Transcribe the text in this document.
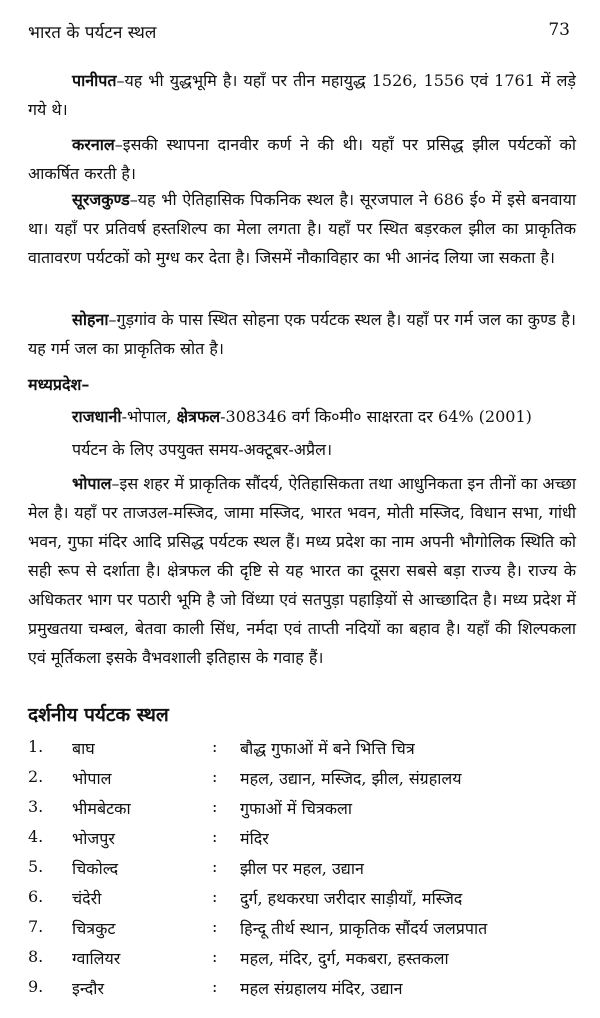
भारत के पर्यटन स्थल	73

पानीपत–यह भी युद्धभूमि है। यहाँ पर तीन महायुद्ध 1526, 1556 एवं 1761 में लड़े गये थे।

करनाल–इसकी स्थापना दानवीर कर्ण ने की थी। यहाँ पर प्रसिद्ध झील पर्यटकों को आकर्षित करती है।

सूरजकुण्ड–यह भी ऐतिहासिक पिकनिक स्थल है। सूरजपाल ने 686 ई० में इसे बनवाया था। यहाँ पर प्रतिवर्ष हस्तशिल्प का मेला लगता है। यहाँ पर स्थित बड़रकल झील का प्राकृतिक वातावरण पर्यटकों को मुग्ध कर देता है। जिसमें नौकाविहार का भी आनंद लिया जा सकता है।

सोहना–गुड़गांव के पास स्थित सोहना एक पर्यटक स्थल है। यहाँ पर गर्म जल का कुण्ड है। यह गर्म जल का प्राकृतिक स्रोत है।

मध्यप्रदेश–
राजधानी-भोपाल, क्षेत्रफल-308346 वर्ग कि०मी० साक्षरता दर 64% (2001)
पर्यटन के लिए उपयुक्त समय-अक्टूबर-अप्रैल।

भोपाल–इस शहर में प्राकृतिक सौंदर्य, ऐतिहासिकता तथा आधुनिकता इन तीनों का अच्छा मेल है। यहाँ पर ताजउल-मस्जिद, जामा मस्जिद, भारत भवन, मोती मस्जिद, विधान सभा, गांधी भवन, गुफा मंदिर आदि प्रसिद्ध पर्यटक स्थल हैं। मध्य प्रदेश का नाम अपनी भौगोलिक स्थिति को सही रूप से दर्शाता है। क्षेत्रफल की दृष्टि से यह भारत का दूसरा सबसे बड़ा राज्य है। राज्य के अधिकतर भाग पर पठारी भूमि है जो विंध्या एवं सतपुड़ा पहाड़ियों से आच्छादित है। मध्य प्रदेश में प्रमुखतया चम्बल, बेतवा काली सिंध, नर्मदा एवं ताप्ती नदियों का बहाव है। यहाँ की शिल्पकला एवं मूर्तिकला इसके वैभवशाली इतिहास के गवाह हैं।

दर्शनीय पर्यटक स्थल
1.	बाघ	: बौद्ध गुफाओं में बने भित्ति चित्र
2.	भोपाल	: महल, उद्यान, मस्जिद, झील, संग्रहालय
3.	भीमबेटका	: गुफाओं में चित्रकला
4.	भोजपुर	: मंदिर
5.	चिकोल्द	: झील पर महल, उद्यान
6.	चंदेरी	: दुर्ग, हथकरघा जरीदार साड़ीयाँ, मस्जिद
7.	चित्रकुट	: हिन्दू तीर्थ स्थान, प्राकृतिक सौंदर्य जलप्रपात
8.	ग्वालियर	: महल, मंदिर, दुर्ग, मकबरा, हस्तकला
9.	इन्दौर	: महल संग्रहालय मंदिर, उद्यान
